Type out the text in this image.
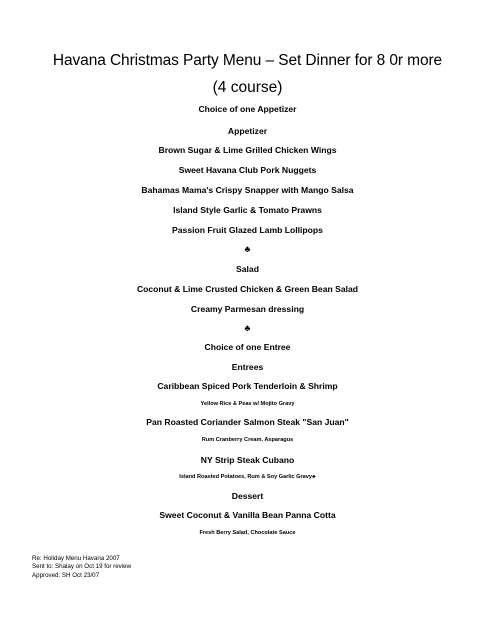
Havana Christmas Party Menu – Set Dinner for 8 0r more
(4 course)
Choice of one Appetizer
Appetizer
Brown Sugar & Lime Grilled Chicken Wings
Sweet Havana Club Pork Nuggets
Bahamas Mama's Crispy Snapper with Mango Salsa
Island Style Garlic & Tomato Prawns
Passion Fruit Glazed Lamb Lollipops
♣
Salad
Coconut & Lime Crusted Chicken & Green Bean Salad
Creamy Parmesan dressing
♣
Choice of one Entree
Entrees
Caribbean Spiced Pork Tenderloin & Shrimp
Yellow Rice & Peas w/ Mojito Gravy
Pan Roasted Coriander Salmon Steak "San Juan"
Rum Cranberry Cream, Asparagus
NY Strip Steak Cubano
Island Roasted Potatoes, Rum & Soy Garlic Gravy♣
Dessert
Sweet Coconut & Vanilla Bean Panna Cotta
Fresh Berry Salad, Chocolate Sauce
Re: Holiday Menu Havana 2007
Sent to: Shalay on Oct 19 for review
Approved: SH Oct 23/07
